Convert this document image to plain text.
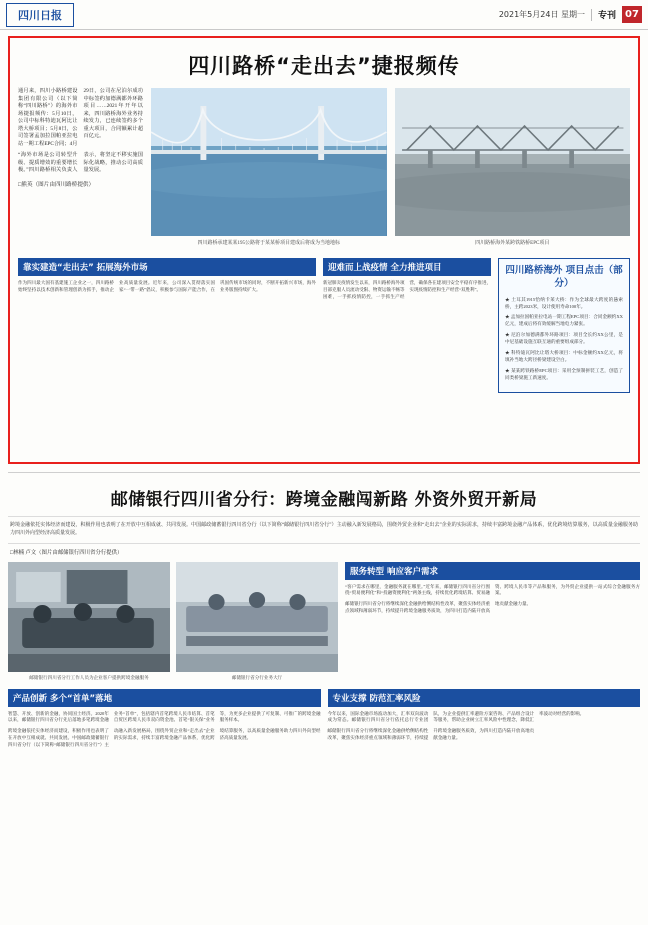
四川日报	2021年5月24日 星期一 专刊 07
四川路桥“走出去”捷报频传
通月来，四川小路桥建设集团有限公司（以下简称“四川路桥”）的海外市场捷报频传：5月10日，公司中标科特迪瓦阿比让塔大桥项目；5月8日，公司签署孟加拉国帕亚拉电站一期工程EPC合同；4月29日，公司在尼泊尔成功中标签约加德满都外环路项目……2021年开年以来，四川路桥海外业务持续发力，已连续签约多个重大项目，合同额累计超百亿元。
“海外市场是公司转型升级、提质增效的重要增长极。”四川路桥相关负责人表示，将坚定不移实施国际化战略，推动公司高质量发展。
□熊英（图片由四川路桥提供）
四川路桥承建某某195公路将于某某桥项目建成后将成为当地地标	四川路桥海外某跨铁路桥EPC项目
靠实建造“走出去” 拓展海外市场
作为四川最大国有基建施工企业之一，四川路桥始终坚持以技术创新和管理创新为抓手，推动企业高质量发展。近年来，公司深入贯彻落实国家“一带一路”倡议，积极参与国际产能合作，在巩固传统市场的同时，不断开拓新兴市场，海外业务版图持续扩大。
迎难而上战疫情 全力推进项目
新冠肺炎疫情发生以来，四川路桥海外项目部克服人员流动受限、物资运输不畅等困难，一手抓疫情防控，一手抓生产经营，确保各在建项目安全平稳有序推进，实现疫情防控和生产经营“双胜利”。
四川路桥海外 项目点击（部分）
★ 土耳其1915恰纳卡莱大桥：作为全球最大跨度的悬索桥，主跨2023米，设计使用寿命100年。
★ 孟加拉国帕亚拉电站一期工程EPC项目：合同金额约XX亿元，建成后将有效缓解当地电力紧张。
★ 尼泊尔加德满都外环路项目：项目全长约XX公里，是中尼基础设施互联互通的重要组成部分。
★ 科特迪瓦阿比让塔大桥项目：中标金额约XX亿元，将填补当地大跨径桥梁建设空白。
★ 某某跨铁路桥EPC项目：采用全预制拼装工艺，创造了同类桥梁施工新速度。
邮储银行四川省分行：跨境金融闯新路 外资外贸开新局
跨境金融依托实体经济而建设，积极作用也表明了在开放中互相成就、共同发展。中国邮政储蓄银行四川省分行（以下简称“邮储银行四川省分行”）主动融入新发展格局，围绕外贸企业和“走出去”企业的实际需求，持续丰富跨境金融产品体系，优化跨境结算服务，以高质量金融服务助力四川外向型经济高质量发展。
□林楠 卢文（图片由邮储银行四川省分行提供）
邮储银行四川省分行工作人员为企业客户提供跨境金融服务	邮储银行省分行业务大厅
服务转型 响应客户需求
“客户需求在哪里，金融服务就在哪里。”近年来，邮储银行四川省分行围绕“贸易便利化”和“投融资便利化”两条主线，持续优化跨境结算、贸易融资、跨境人民币等产品和服务，为外贸企业提供一站式综合金融服务方案。
邮储银行四川省分行将继续深化金融供给侧结构性改革，聚焦实体经济重点领域和薄弱环节，持续提升跨境金融服务质效，为四川打造内陆开放高地贡献金融力量。
产品创新 多个“首单”落地
智慧、开放、创新的金融，协同国土经济。2020年以来，邮储银行四川省分行先后落地多笔跨境金融业务“首单”，包括辖内首笔跨境人民币结算、首笔自贸区跨境人民币双向资金池、首笔“银关保”业务等，为更多企业提供了可复制、可推广的跨境金融服务样本。
跨境金融依托实体经济而建设，积极作用也表明了在开放中互相成就、共同发展。中国邮政储蓄银行四川省分行（以下简称“邮储银行四川省分行”）主动融入新发展格局，围绕外贸企业和“走出去”企业的实际需求，持续丰富跨境金融产品体系，优化跨境结算服务，以高质量金融服务助力四川外向型经济高质量发展。
专业支撑 防范汇率风险
今年以来，国际金融市场波动加大，汇率双向波动成为常态。邮储银行四川省分行依托总行专业团队，为企业提供汇率避险方案咨询、产品组合设计等服务，帮助企业树立汇率风险中性理念，降低汇率波动对经营的影响。
邮储银行四川省分行将继续深化金融供给侧结构性改革，聚焦实体经济重点领域和薄弱环节，持续提升跨境金融服务质效，为四川打造内陆开放高地贡献金融力量。
